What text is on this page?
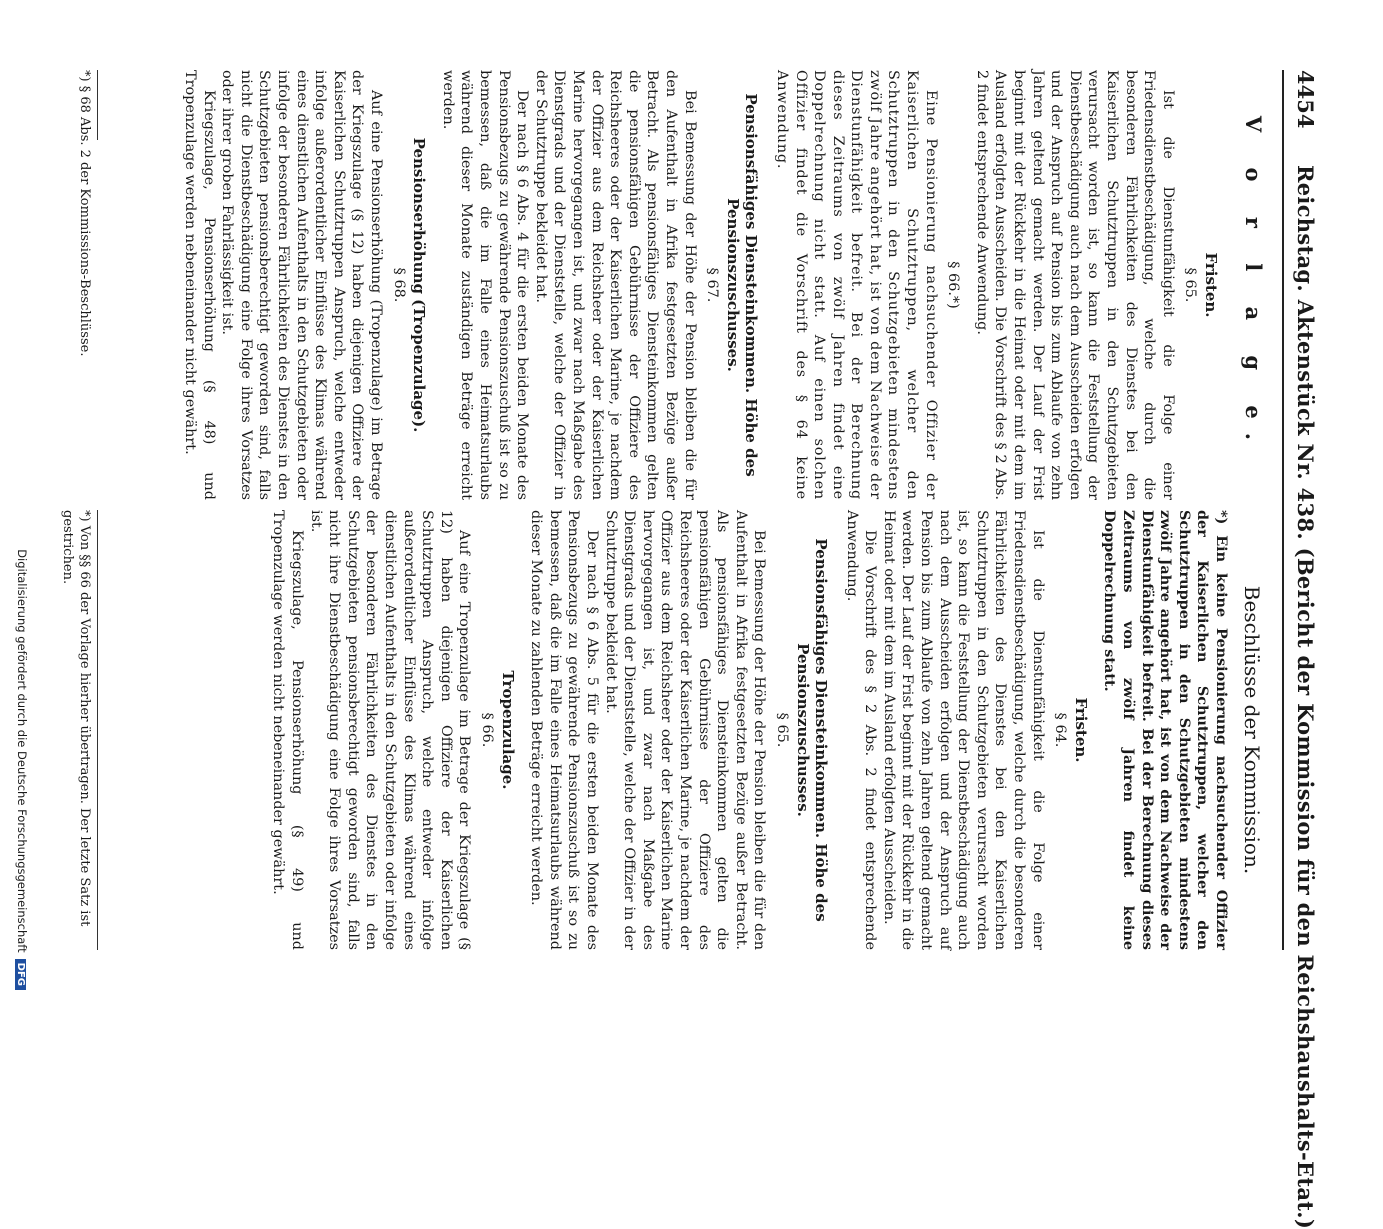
4454
Reichstag. Aktenstück Nr. 438. (Bericht der Kommission für den Reichshaushalts-Etat.)
V o r l a g e.
Beschlüsse der Kommission.
Fristen.
§ 65.

Ist die Dienstunfähigkeit die Folge einer Friedensdienstbeschädigung, welche durch die besonderen Fährlichkeiten des Dienstes bei den Kaiserlichen Schutztruppen in den Schutzgebieten verursacht worden ist, so kann die Feststellung der Dienstbeschädigung auch nach dem Ausscheiden erfolgen und der Anspruch auf Pension bis zum Ablaufe von zehn Jahren geltend gemacht werden. Der Lauf der Frist beginnt mit der Rückkehr in die Heimat oder mit dem im Ausland erfolgten Ausscheiden. Die Vorschrift des § 2 Abs. 2 findet entsprechende Anwendung.

§ 66.*)

Eine Pensionierung nachsuchender Offizier der Kaiserlichen Schutztruppen, welcher den Schutztruppen in den Schutzgebieten mindestens zwölf Jahre angehört hat, ist von dem Nachweise der Dienstunfähigkeit befreit. Bei der Berechnung dieses Zeitraums von zwölf Jahren findet eine Doppelrechnung nicht statt. Auf einen solchen Offizier findet die Vorschrift des § 64 keine Anwendung.

Pensionsfähiges Diensteinkommen. Höhe des Pensionszuschusses.
§ 67.

Bei Bemessung der Höhe der Pension bleiben die für den Aufenthalt in Afrika festgesetzten Bezüge außer Betracht. Als pensionsfähiges Diensteinkommen gelten die pensionsfähigen Gebührnisse der Offiziere des Reichsheeres oder der Kaiserlichen Marine, je nachdem der Offizier aus dem Reichsheer oder der Kaiserlichen Marine hervorgegangen ist, und zwar nach Maßgabe des Dienstgrads und der Dienststelle, welche der Offizier in der Schutztruppe bekleidet hat.

Der nach § 6 Abs. 4 für die ersten beiden Monate des Pensionsbezugs zu gewährende Pensionszuschuß ist so zu bemessen, daß die im Falle eines Heimatsurlaubs während dieser Monate zuständigen Beträge erreicht werden.

Pensionserhöhung (Tropenzulage).
§ 68.

Auf eine Pensionserhöhung (Tropenzulage) im Betrage der Kriegszulage (§ 12) haben diejenigen Offiziere der Kaiserlichen Schutztruppen Anspruch, welche entweder infolge außerordentlicher Einflüsse des Klimas während eines dienstlichen Aufenthalts in den Schutzgebieten oder infolge der besonderen Fährlichkeiten des Dienstes in den Schutzgebieten pensionsberechtigt geworden sind, falls nicht die Dienstbeschädigung eine Folge ihres Vorsatzes oder ihrer groben Fahrlässigkeit ist.

Kriegszulage, Pensionserhöhung (§ 48) und Tropenzulage werden nebeneinander nicht gewährt.

*) Ein keine Pensionierung nachsuchender Offizier der Kaiserlichen Schutztruppen, welcher den Schutztruppen in den Schutzgebieten mindestens zwölf Jahre angehört hat, ist von dem Nachweise der Dienstunfähigkeit befreit. Bei der Berechnung dieses Zeitraums von zwölf Jahren findet keine Doppelrechnung statt.

Fristen.
§ 64.

Ist die Dienstunfähigkeit die Folge einer Friedensdienstbeschädigung, welche durch die besonderen Fährlichkeiten des Dienstes bei den Kaiserlichen Schutztruppen in den Schutzgebieten verursacht worden ist, so kann die Feststellung der Dienstbeschädigung auch nach dem Ausscheiden erfolgen und der Anspruch auf Pension bis zum Ablaufe von zehn Jahren geltend gemacht werden. Der Lauf der Frist beginnt mit der Rückkehr in die Heimat oder mit dem im Ausland erfolgten Ausscheiden.

Die Vorschrift des § 2 Abs. 2 findet entsprechende Anwendung.

Pensionsfähiges Diensteinkommen. Höhe des Pensionszuschusses.
§ 65.

Bei Bemessung der Höhe der Pension bleiben die für den Aufenthalt in Afrika festgesetzten Bezüge außer Betracht. Als pensionsfähiges Diensteinkommen gelten die pensionsfähigen Gebührnisse der Offiziere des Reichsheeres oder der Kaiserlichen Marine, je nachdem der Offizier aus dem Reichsheer oder der Kaiserlichen Marine hervorgegangen ist, und zwar nach Maßgabe des Dienstgrads und der Dienststelle, welche der Offizier in der Schutztruppe bekleidet hat.

Der nach § 6 Abs. 5 für die ersten beiden Monate des Pensionsbezugs zu gewährende Pensionszuschuß ist so zu bemessen, daß die im Falle eines Heimatsurlaubs während dieser Monate zu zahlenden Beträge erreicht werden.

Tropenzulage.
§ 66.

Auf eine Tropenzulage im Betrage der Kriegszulage (§ 12) haben diejenigen Offiziere der Kaiserlichen Schutztruppen Anspruch, welche entweder infolge außerordentlicher Einflüsse des Klimas während eines dienstlichen Aufenthalts in den Schutzgebieten oder infolge der besonderen Fährlichkeiten des Dienstes in den Schutzgebieten pensionsberechtigt geworden sind, falls nicht ihre Dienstbeschädigung eine Folge ihres Vorsatzes ist.

Kriegszulage, Pensionserhöhung (§ 49) und Tropenzulage werden nicht nebeneinander gewährt.

*) § 68 Abs. 2 der Kommissions-Beschlüsse.
*) Von §§ 66 der Vorlage hierher übertragen. Der letzte Satz ist gestrichen.
Digitalisierung gefördert durch die Deutsche ForschungsgemeinschaftDFG
